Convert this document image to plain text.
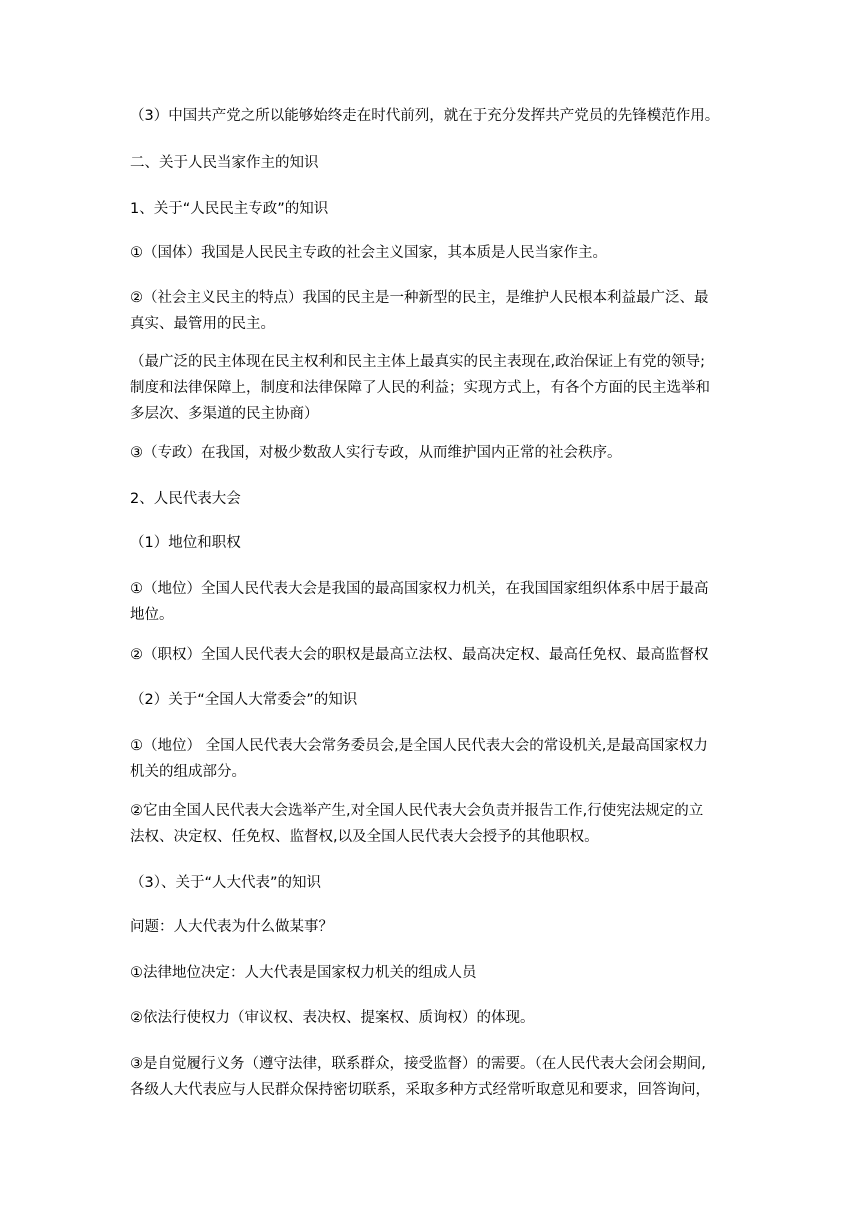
（3）中国共产党之所以能够始终走在时代前列，就在于充分发挥共产党员的先锋模范作用。

二、关于人民当家作主的知识

1、关于“人民民主专政”的知识

①（国体）我国是人民民主专政的社会主义国家，其本质是人民当家作主。

②（社会主义民主的特点）我国的民主是一种新型的民主，是维护人民根本利益最广泛、最
真实、最管用的民主。

（最广泛的民主体现在民主权利和民主主体上最真实的民主表现在,政治保证上有党的领导;
制度和法律保障上，制度和法律保障了人民的利益；实现方式上，有各个方面的民主选举和
多层次、多渠道的民主协商）

③（专政）在我国，对极少数敌人实行专政，从而维护国内正常的社会秩序。

2、人民代表大会

（1）地位和职权

①（地位）全国人民代表大会是我国的最高国家权力机关，在我国国家组织体系中居于最高
地位。

②（职权）全国人民代表大会的职权是最高立法权、最高决定权、最高任免权、最高监督权

（2）关于“全国人大常委会”的知识

①（地位） 全国人民代表大会常务委员会,是全国人民代表大会的常设机关,是最高国家权力
机关的组成部分。

②它由全国人民代表大会选举产生,对全国人民代表大会负责并报告工作,行使宪法规定的立
法权、决定权、任免权、监督权,以及全国人民代表大会授予的其他职权。

（3）、关于“人大代表”的知识

问题：人大代表为什么做某事？

①法律地位决定：人大代表是国家权力机关的组成人员

②依法行使权力（审议权、表决权、提案权、质询权）的体现。

③是自觉履行义务（遵守法律，联系群众，接受监督）的需要。（在人民代表大会闭会期间,
各级人大代表应与人民群众保持密切联系，采取多种方式经常听取意见和要求，回答询问，
